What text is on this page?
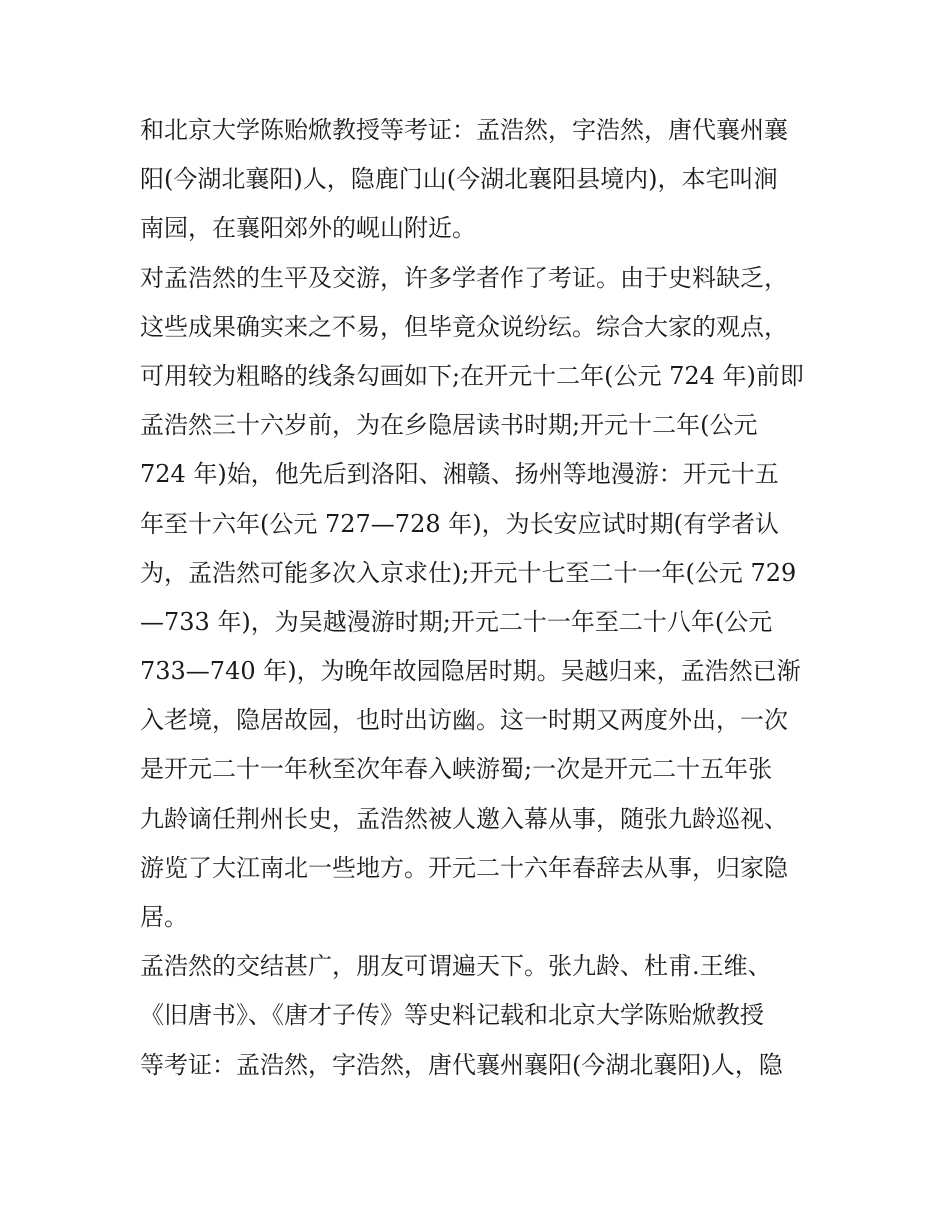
和北京大学陈贻焮教授等考证：孟浩然，字浩然，唐代襄州襄
阳(今湖北襄阳)人，隐鹿门山(今湖北襄阳县境内)，本宅叫涧
南园，在襄阳郊外的岘山附近。
对孟浩然的生平及交游，许多学者作了考证。由于史料缺乏，
这些成果确实来之不易，但毕竟众说纷纭。综合大家的观点，
可用较为粗略的线条勾画如下;在开元十二年(公元 724 年)前即
孟浩然三十六岁前，为在乡隐居读书时期;开元十二年(公元
724 年)始，他先后到洛阳、湘赣、扬州等地漫游：开元十五
年至十六年(公元 727—728 年)，为长安应试时期(有学者认
为，孟浩然可能多次入京求仕);开元十七至二十一年(公元 729
—733 年)，为吴越漫游时期;开元二十一年至二十八年(公元
733—740 年)，为晚年故园隐居时期。吴越归来，孟浩然已渐
入老境，隐居故园，也时出访幽。这一时期又两度外出，一次
是开元二十一年秋至次年春入峡游蜀;一次是开元二十五年张
九龄谪任荆州长史，孟浩然被人邀入幕从事，随张九龄巡视、
游览了大江南北一些地方。开元二十六年春辞去从事，归家隐
居。
孟浩然的交结甚广，朋友可谓遍天下。张九龄、杜甫.王维、
《旧唐书》、《唐才子传》等史料记载和北京大学陈贻焮教授
等考证：孟浩然，字浩然，唐代襄州襄阳(今湖北襄阳)人，隐
